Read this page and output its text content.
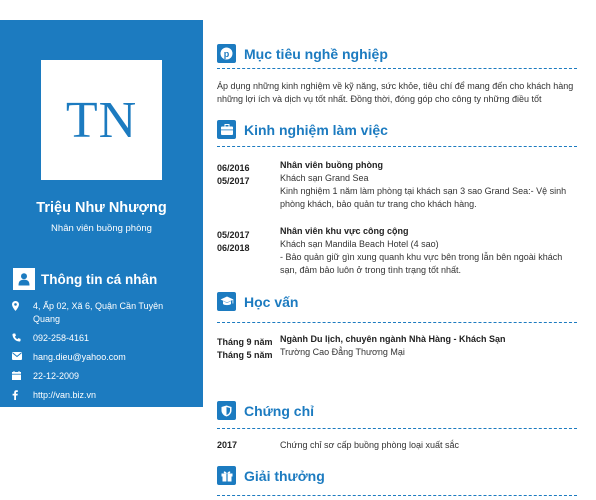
TN
Triệu Như Nhượng
Nhân viên buồng phòng
Thông tin cá nhân
4, Ấp 02, Xã 6, Quận Cần Tuyên Quang
092-258-4161
hang.dieu@yahoo.com
22-12-2009
http://van.biz.vn
p Mục tiêu nghề nghiệp
Áp dụng những kinh nghiệm về kỹ năng, sức khỏe, tiêu chí để mang đến cho khách hàng những lợi ích và dịch vụ tốt nhất. Đồng thời, đóng góp cho công ty những điều tốt
Kinh nghiệm làm việc
06/2016
05/2017
Nhân viên buồng phòng
Khách sạn Grand Sea
Kinh nghiệm 1 năm làm phòng tại khách sạn 3 sao Grand Sea:- Vệ sinh phòng khách, bảo quản tư trang cho khách hàng.
05/2017
06/2018
Nhân viên khu vực công cộng
Khách sạn Mandila Beach Hotel (4 sao)
- Bảo quản giữ gìn xung quanh khu vực bên trong lẫn bên ngoài khách sạn, đảm bảo luôn ở trong tình trạng tốt nhất.
Học vấn
Tháng 9 năm
Tháng 5 năm
Ngành Du lịch, chuyên ngành Nhà Hàng - Khách Sạn
Trường Cao Đẳng Thương Mại
Chứng chỉ
2017	Chứng chỉ sơ cấp buồng phòng loại xuất sắc
Giải thưởng
